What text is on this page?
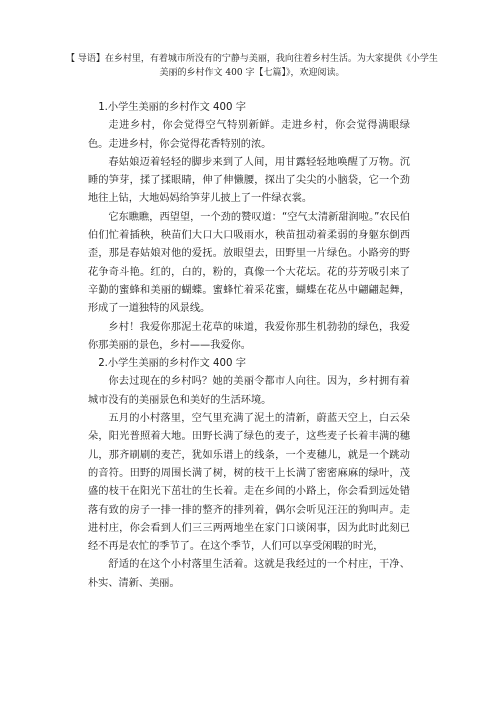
【 导语】在乡村里，有着城市所没有的宁静与美丽，我向往着乡村生活。为大家提供《小学生美丽的乡村作文 400 字【七篇】》，欢迎阅读。

1.小学生美丽的乡村作文 400 字

走进乡村，你会觉得空气特别新鲜。走进乡村，你会觉得满眼绿色。走进乡村，你会觉得花香特别的浓。

春姑娘迈着轻轻的脚步来到了人间，用甘露轻轻地唤醒了万物。沉睡的笋芽，揉了揉眼睛，伸了伸懒腰，探出了尖尖的小脑袋，它一个劲地往上钻，大地妈妈给笋芽儿披上了一件绿衣裳。

它东瞧瞧，西望望，一个劲的赞叹道：“空气太清新甜润啦。”农民伯伯们忙着插秧，秧苗们大口大口吸雨水，秧苗扭动着柔弱的身躯东倒西歪，那是春姑娘对他的爱抚。放眼望去，田野里一片绿色。小路旁的野花争奇斗艳。红的，白的，粉的，真像一个大花坛。花的芬芳吸引来了辛勤的蜜蜂和美丽的蝴蝶。蜜蜂忙着采花蜜，蝴蝶在花丛中翩翩起舞，形成了一道独特的风景线。

乡村！我爱你那泥土花草的味道，我爱你那生机勃勃的绿色，我爱你那美丽的景色，乡村——我爱你。

2.小学生美丽的乡村作文 400 字

你去过现在的乡村吗？她的美丽令都市人向往。因为，乡村拥有着城市没有的美丽景色和美好的生活环境。

五月的小村落里，空气里充满了泥土的清新，蔚蓝天空上，白云朵朵，阳光普照着大地。田野长满了绿色的麦子，这些麦子长着丰满的穗儿，那齐刷刷的麦芒，犹如乐谱上的线条，一个麦穗儿，就是一个跳动的音符。田野的周围长满了树，树的枝干上长满了密密麻麻的绿叶，茂盛的枝干在阳光下茁壮的生长着。走在乡间的小路上，你会看到远处错落有致的房子一排一排的整齐的排列着，偶尔会听见汪汪的狗叫声。走进村庄，你会看到人们三三两两地坐在家门口谈闲事，因为此时此刻已经不再是农忙的季节了。在这个季节，人们可以享受闲暇的时光，

舒适的在这个小村落里生活着。这就是我经过的一个村庄，干净、朴实、清新、美丽。
